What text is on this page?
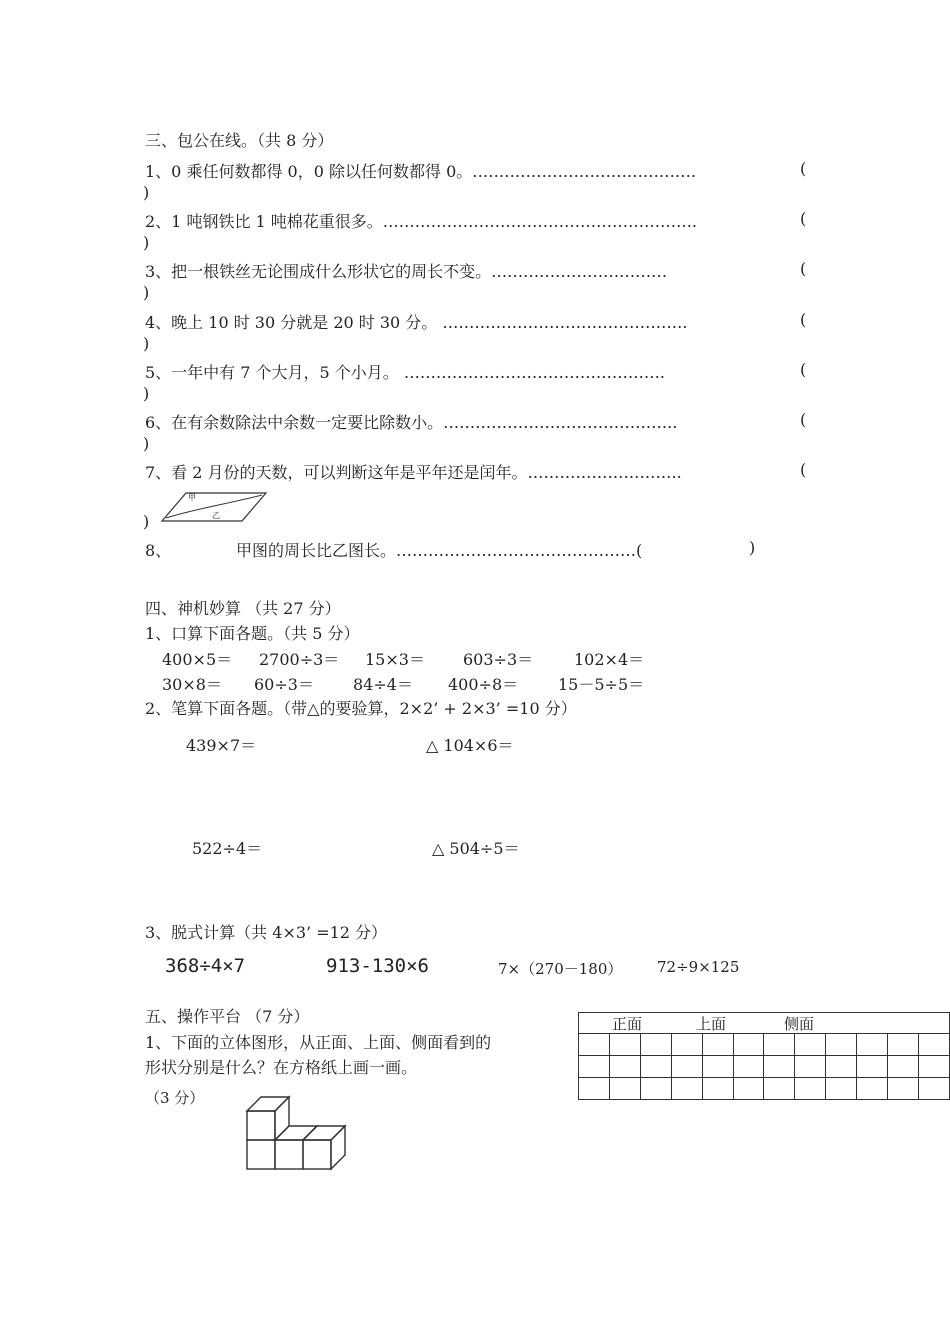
三、包公在线。（共 8 分）
1、0 乘任何数都得 0，0 除以任何数都得 0。……………………………………	(
)
2、1 吨钢铁比 1 吨棉花重很多。…………………………………………………..	(
)
3、把一根铁丝无论围成什么形状它的周长不变。……………………………	(
)
4、晚上 10 时 30 分就是 20 时 30 分。 ……………………………………….	(
)
5、一年中有 7 个大月，5 个小月。 ………………………………………….	(
)
6、在有余数除法中余数一定要比除数小。……………………………………..	(
)
7、看 2 月份的天数，可以判断这年是平年还是闰年。………………………..	(
甲
乙
)
8、	甲图的周长比乙图长。………………………………………(	)
四、神机妙算 （共 27 分）
1、口算下面各题。（共 5 分）
400×5＝ 2700÷3＝ 15×3＝ 603÷3＝	102×4＝
30×8＝ 60÷3＝ 84÷4＝ 400÷8＝ 15－5÷5＝
2、笔算下面各题。（带△的要验算，2×2’ + 2×3’ =10 分）
439×7＝	△ 104×6＝
522÷4＝	△ 504÷5＝
3、脱式计算（共 4×3’ =12 分）
368÷4×7	913-130×6	7×（270－180） 72÷9×125
五、操作平台 （7 分）
1、下面的立体图形，从正面、上面、侧面看到的
形状分别是什么？在方格纸上画一画。
（3 分）

正面	上面	侧面
